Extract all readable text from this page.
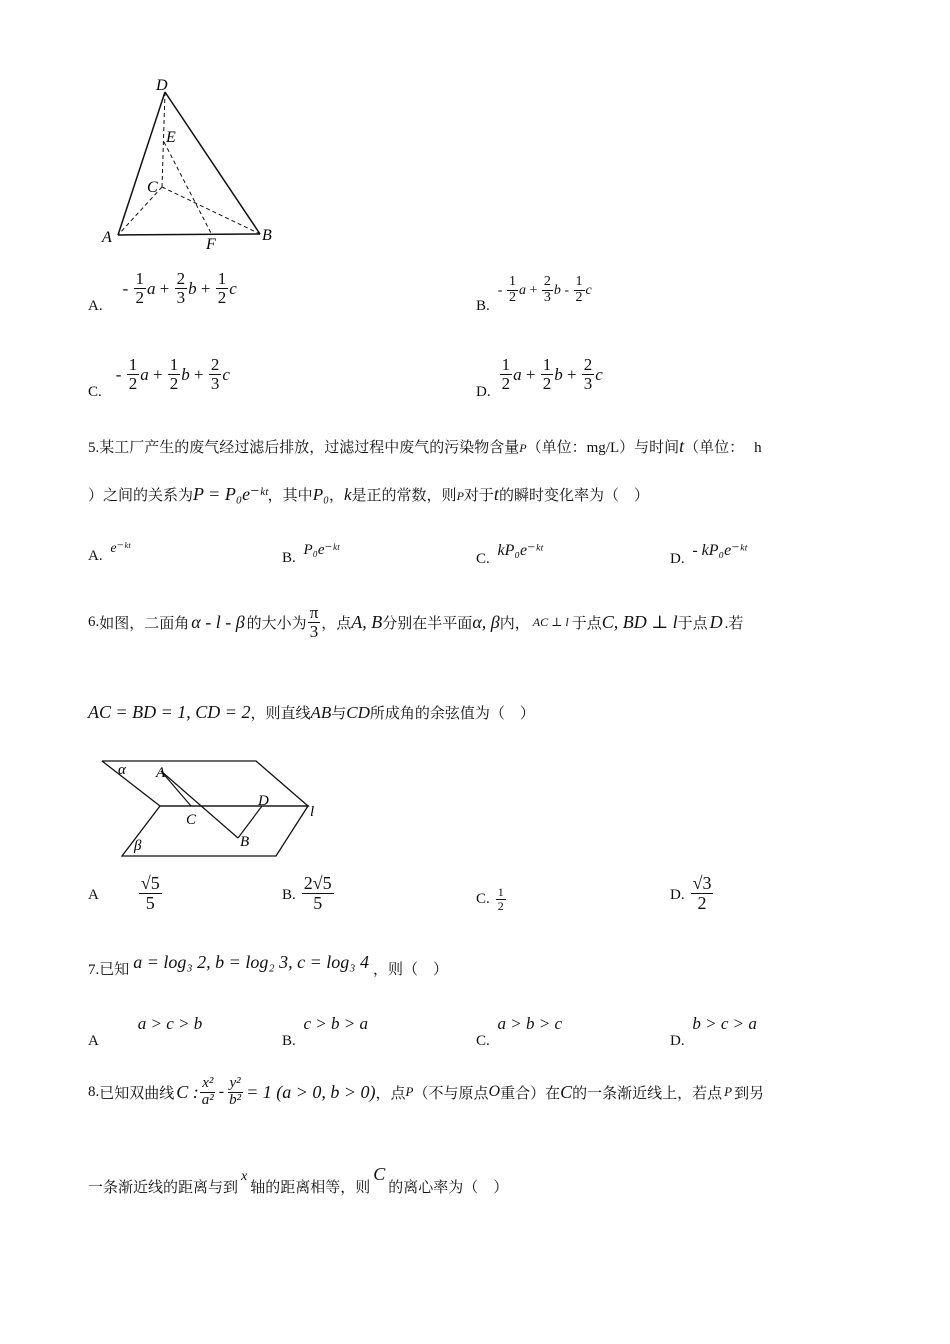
D
E
C
A	F
B
A.
- $\frac{1}{2}$ a +
$\frac{2}{3}$ b +
$\frac{1}{2}$ c
B.
- $\frac{1}{2}$ a +
$\frac{2}{3}$ b -
$\frac{1}{2}$ c
C.
- $\frac{1}{2}$ a +
$\frac{1}{2}$ b +
$\frac{2}{3}$ c
D. $\frac{1}{2}$ a +
$\frac{1}{2}$ b +
$\frac{2}{3}$ c
5.某工厂产生的废气经过滤后排放，过滤过程中废气的污染物含量P（单位：mg/L）与时间t（单位： h
）之间的关系为P = P₀e⁻ᵏᵗ，其中P₀，k是正的常数，则P对于t的瞬时变化率为（　）
A. e⁻ᵏᵗ
B. P₀e⁻ᵏᵗ
C. kP₀e⁻ᵏᵗ	D. - kP₀e⁻ᵏᵗ
6. 如图，二面角 α - l - β 的大小为 $\frac{\pi}{3}$ ，点 A, B 分别在半平面 α, β 内， AC ⊥ l 于点 C, BD ⊥ l 于点 D .若
AC = BD = 1, CD = 2，则直线AB与CD所成角的余弦值为（　）
α A
D
l
C
B
β
A $\frac{√5}{5}$	B. $\frac{2√5}{5}$	C. $\frac{1}{2}$	D. $\frac{√3}{2}$
7.已知 a = log₃ 2, b = log₂ 3, c = log₃ 4 ，则（　）
A a > c > b
B. c > b > a
C. a > b > c
D. b > c > a
8. 已知双曲线 C : $\frac{\text{x²}}{\text{a²}} - \frac{\text{y²}}{\text{b²}} = 1$ (a > 0, b > 0) ，点 P （不与原点 O 重合）在 C 的一条渐近线上，若点 P 到另
一条渐近线的距离与到x轴的距离相等，则C的离心率为（　）
